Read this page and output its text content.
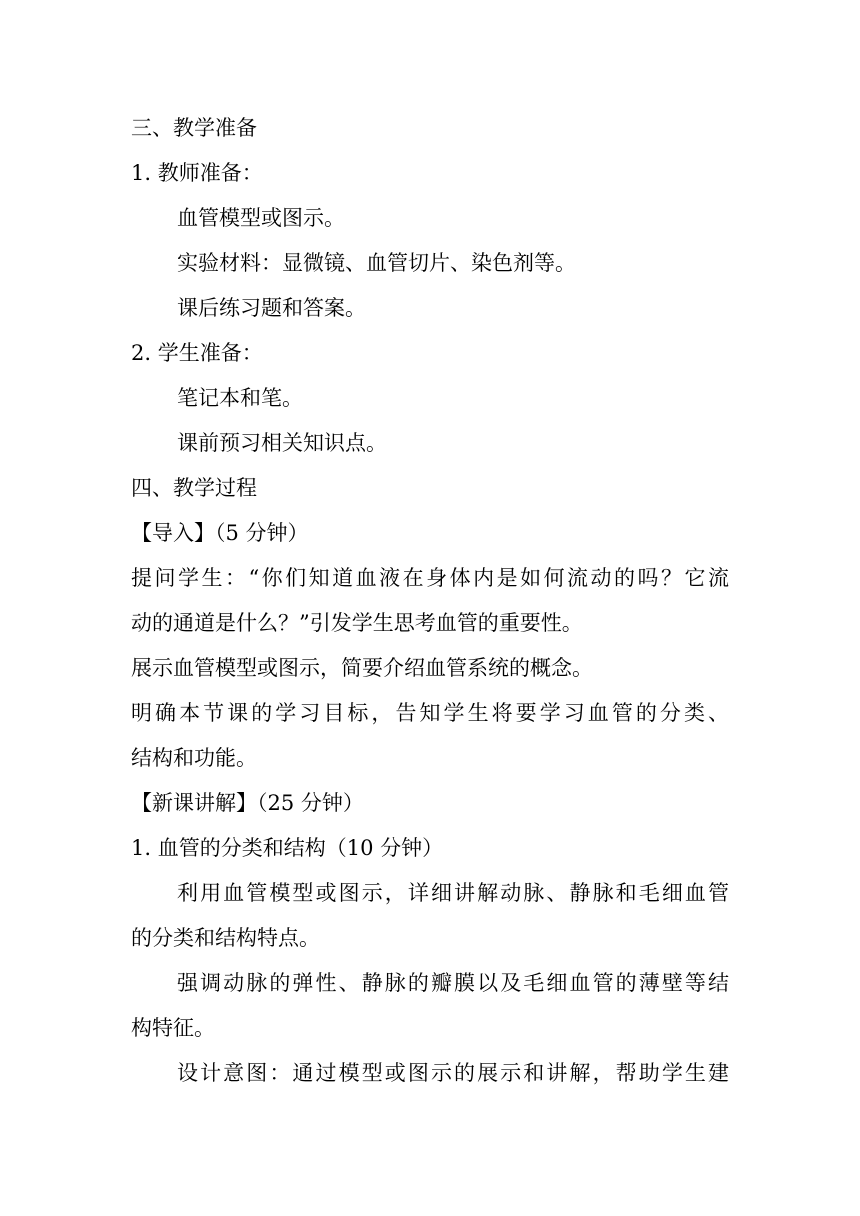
三、教学准备
1. 教师准备：
血管模型或图示。
实验材料：显微镜、血管切片、染色剂等。
课后练习题和答案。
2. 学生准备：
笔记本和笔。
课前预习相关知识点。
四、教学过程
【导入】（5 分钟）
提问学生：“你们知道血液在身体内是如何流动的吗？它流
动的通道是什么？”引发学生思考血管的重要性。
展示血管模型或图示，简要介绍血管系统的概念。
明确本节课的学习目标，告知学生将要学习血管的分类、
结构和功能。
【新课讲解】（25 分钟）
1. 血管的分类和结构（10 分钟）
利用血管模型或图示，详细讲解动脉、静脉和毛细血管
的分类和结构特点。
强调动脉的弹性、静脉的瓣膜以及毛细血管的薄壁等结
构特征。
设计意图：通过模型或图示的展示和讲解，帮助学生建
